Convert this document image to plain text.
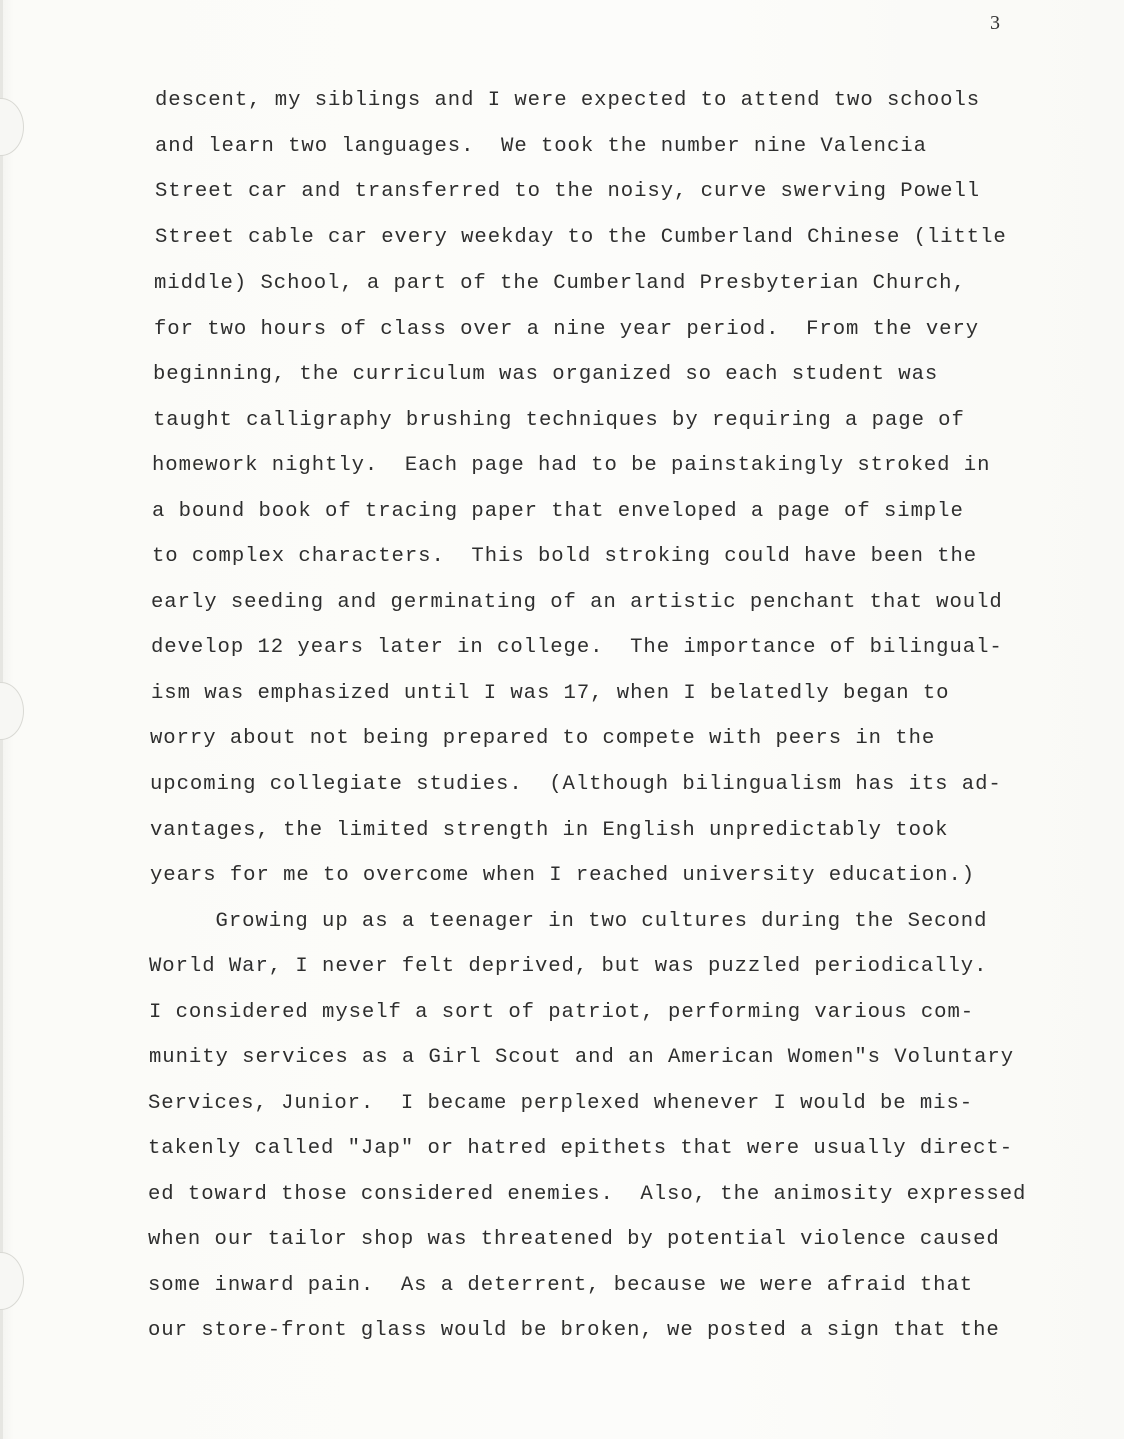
3
descent, my siblings and I were expected to attend two schools
and learn two languages.  We took the number nine Valencia
Street car and transferred to the noisy, curve swerving Powell
Street cable car every weekday to the Cumberland Chinese (little
middle) School, a part of the Cumberland Presbyterian Church,
for two hours of class over a nine year period.  From the very
beginning, the curriculum was organized so each student was
taught calligraphy brushing techniques by requiring a page of
homework nightly.  Each page had to be painstakingly stroked in
a bound book of tracing paper that enveloped a page of simple
to complex characters.  This bold stroking could have been the
early seeding and germinating of an artistic penchant that would
develop 12 years later in college.  The importance of bilingual-
ism was emphasized until I was 17, when I belatedly began to
worry about not being prepared to compete with peers in the
upcoming collegiate studies.  (Although bilingualism has its ad-
vantages, the limited strength in English unpredictably took
years for me to overcome when I reached university education.)
Growing up as a teenager in two cultures during the Second
World War, I never felt deprived, but was puzzled periodically.
I considered myself a sort of patriot, performing various com-
munity services as a Girl Scout and an American Women"s Voluntary
Services, Junior.  I became perplexed whenever I would be mis-
takenly called "Jap" or hatred epithets that were usually direct-
ed toward those considered enemies.  Also, the animosity expressed
when our tailor shop was threatened by potential violence caused
some inward pain.  As a deterrent, because we were afraid that
our store-front glass would be broken, we posted a sign that the
